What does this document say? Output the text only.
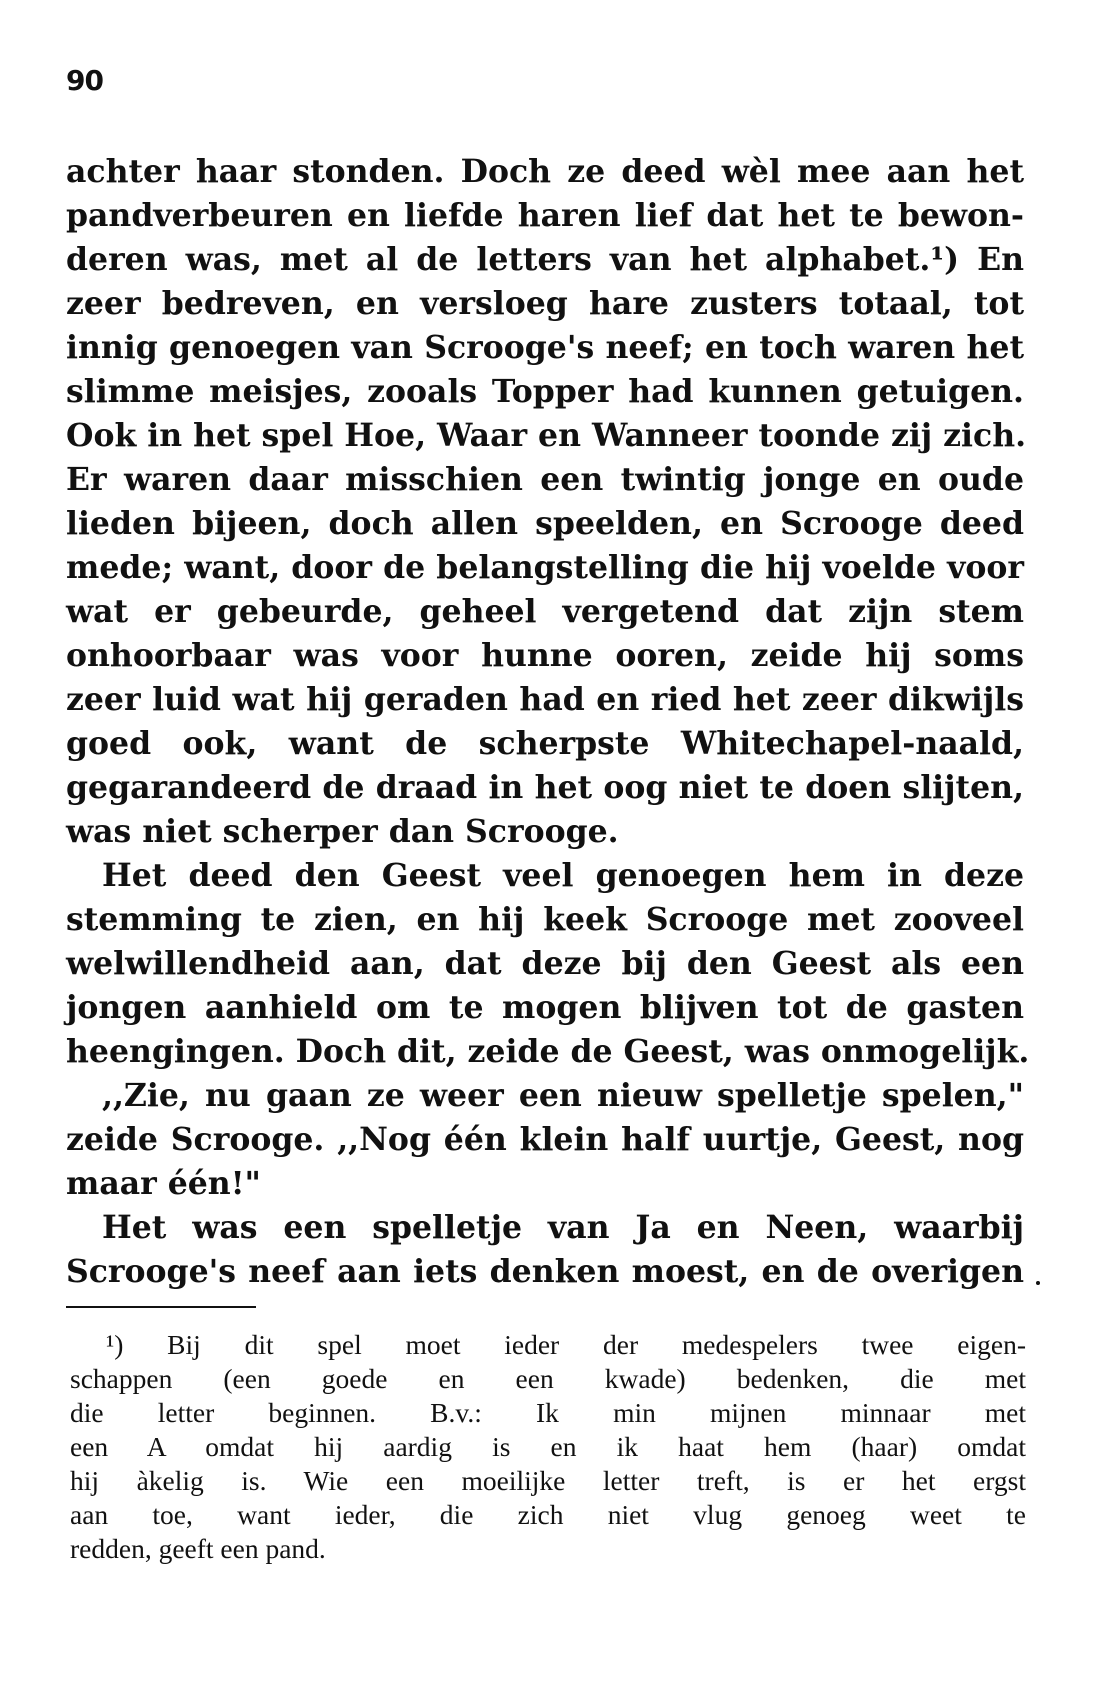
90
achter haar stonden. Doch ze deed wèl mee aan het
pandverbeuren en liefde haren lief dat het te bewon-
deren was, met al de letters van het alphabet.¹) En
zeer bedreven, en versloeg hare zusters totaal, tot
innig genoegen van Scrooge's neef; en toch waren het
slimme meisjes, zooals Topper had kunnen getuigen.
Ook in het spel Hoe, Waar en Wanneer toonde zij zich.
Er waren daar misschien een twintig jonge en oude
lieden bijeen, doch allen speelden, en Scrooge deed
mede; want, door de belangstelling die hij voelde voor
wat er gebeurde, geheel vergetend dat zijn stem
onhoorbaar was voor hunne ooren, zeide hij soms
zeer luid wat hij geraden had en ried het zeer dikwijls
goed ook, want de scherpste Whitechapel-naald,
gegarandeerd de draad in het oog niet te doen slijten,
was niet scherper dan Scrooge.
Het deed den Geest veel genoegen hem in deze
stemming te zien, en hij keek Scrooge met zooveel
welwillendheid aan, dat deze bij den Geest als een
jongen aanhield om te mogen blijven tot de gasten
heengingen. Doch dit, zeide de Geest, was onmogelijk.
,,Zie, nu gaan ze weer een nieuw spelletje spelen,"
zeide Scrooge. ,,Nog één klein half uurtje, Geest, nog
maar één!"
Het was een spelletje van Ja en Neen, waarbij
Scrooge's neef aan iets denken moest, en de overigen
¹) Bij dit spel moet ieder der medespelers twee eigen-
schappen (een goede en een kwade) bedenken, die met
die letter beginnen. B.v.: Ik min mijnen minnaar met
een A omdat hij aardig is en ik haat hem (haar) omdat
hij àkelig is. Wie een moeilijke letter treft, is er het ergst
aan toe, want ieder, die zich niet vlug genoeg weet te
redden, geeft een pand.
